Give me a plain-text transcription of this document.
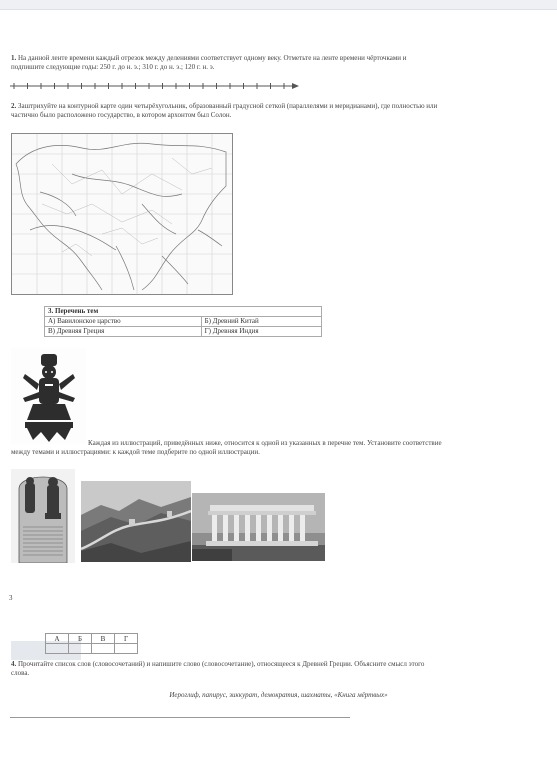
1. На данной ленте времени каждый отрезок между делениями соответствует одному веку. Отметьте на ленте времени чёрточками и
подпишите следующие годы: 250 г. до н. э.; 310 г. до н. э.; 120 г. н. э.
2. Заштрихуйте на контурной карте один четырёхугольник, образованный градусной сеткой (параллелями и меридианами), где полностью или
частично было расположено государство, в котором архонтом был Солон.
3. Перечень тем	
А) Вавилонское царство	Б) Древний Китай
В) Древняя Греция	Г) Древняя Индия
Каждая из иллюстраций, приведённых ниже, относится к одной из указанных в перечне тем. Установите соответствие
между темами и иллюстрациями: к каждой теме подберите по одной иллюстрации.
3
А	Б	В	Г

4. Прочитайте список слов (словосочетаний) и напишите слово (словосочетание), относящееся к Древней Греции. Объясните смысл этого
слова.
Иероглиф, папирус, зиккурат, демократия, шахматы, «Книга мёртвых»
